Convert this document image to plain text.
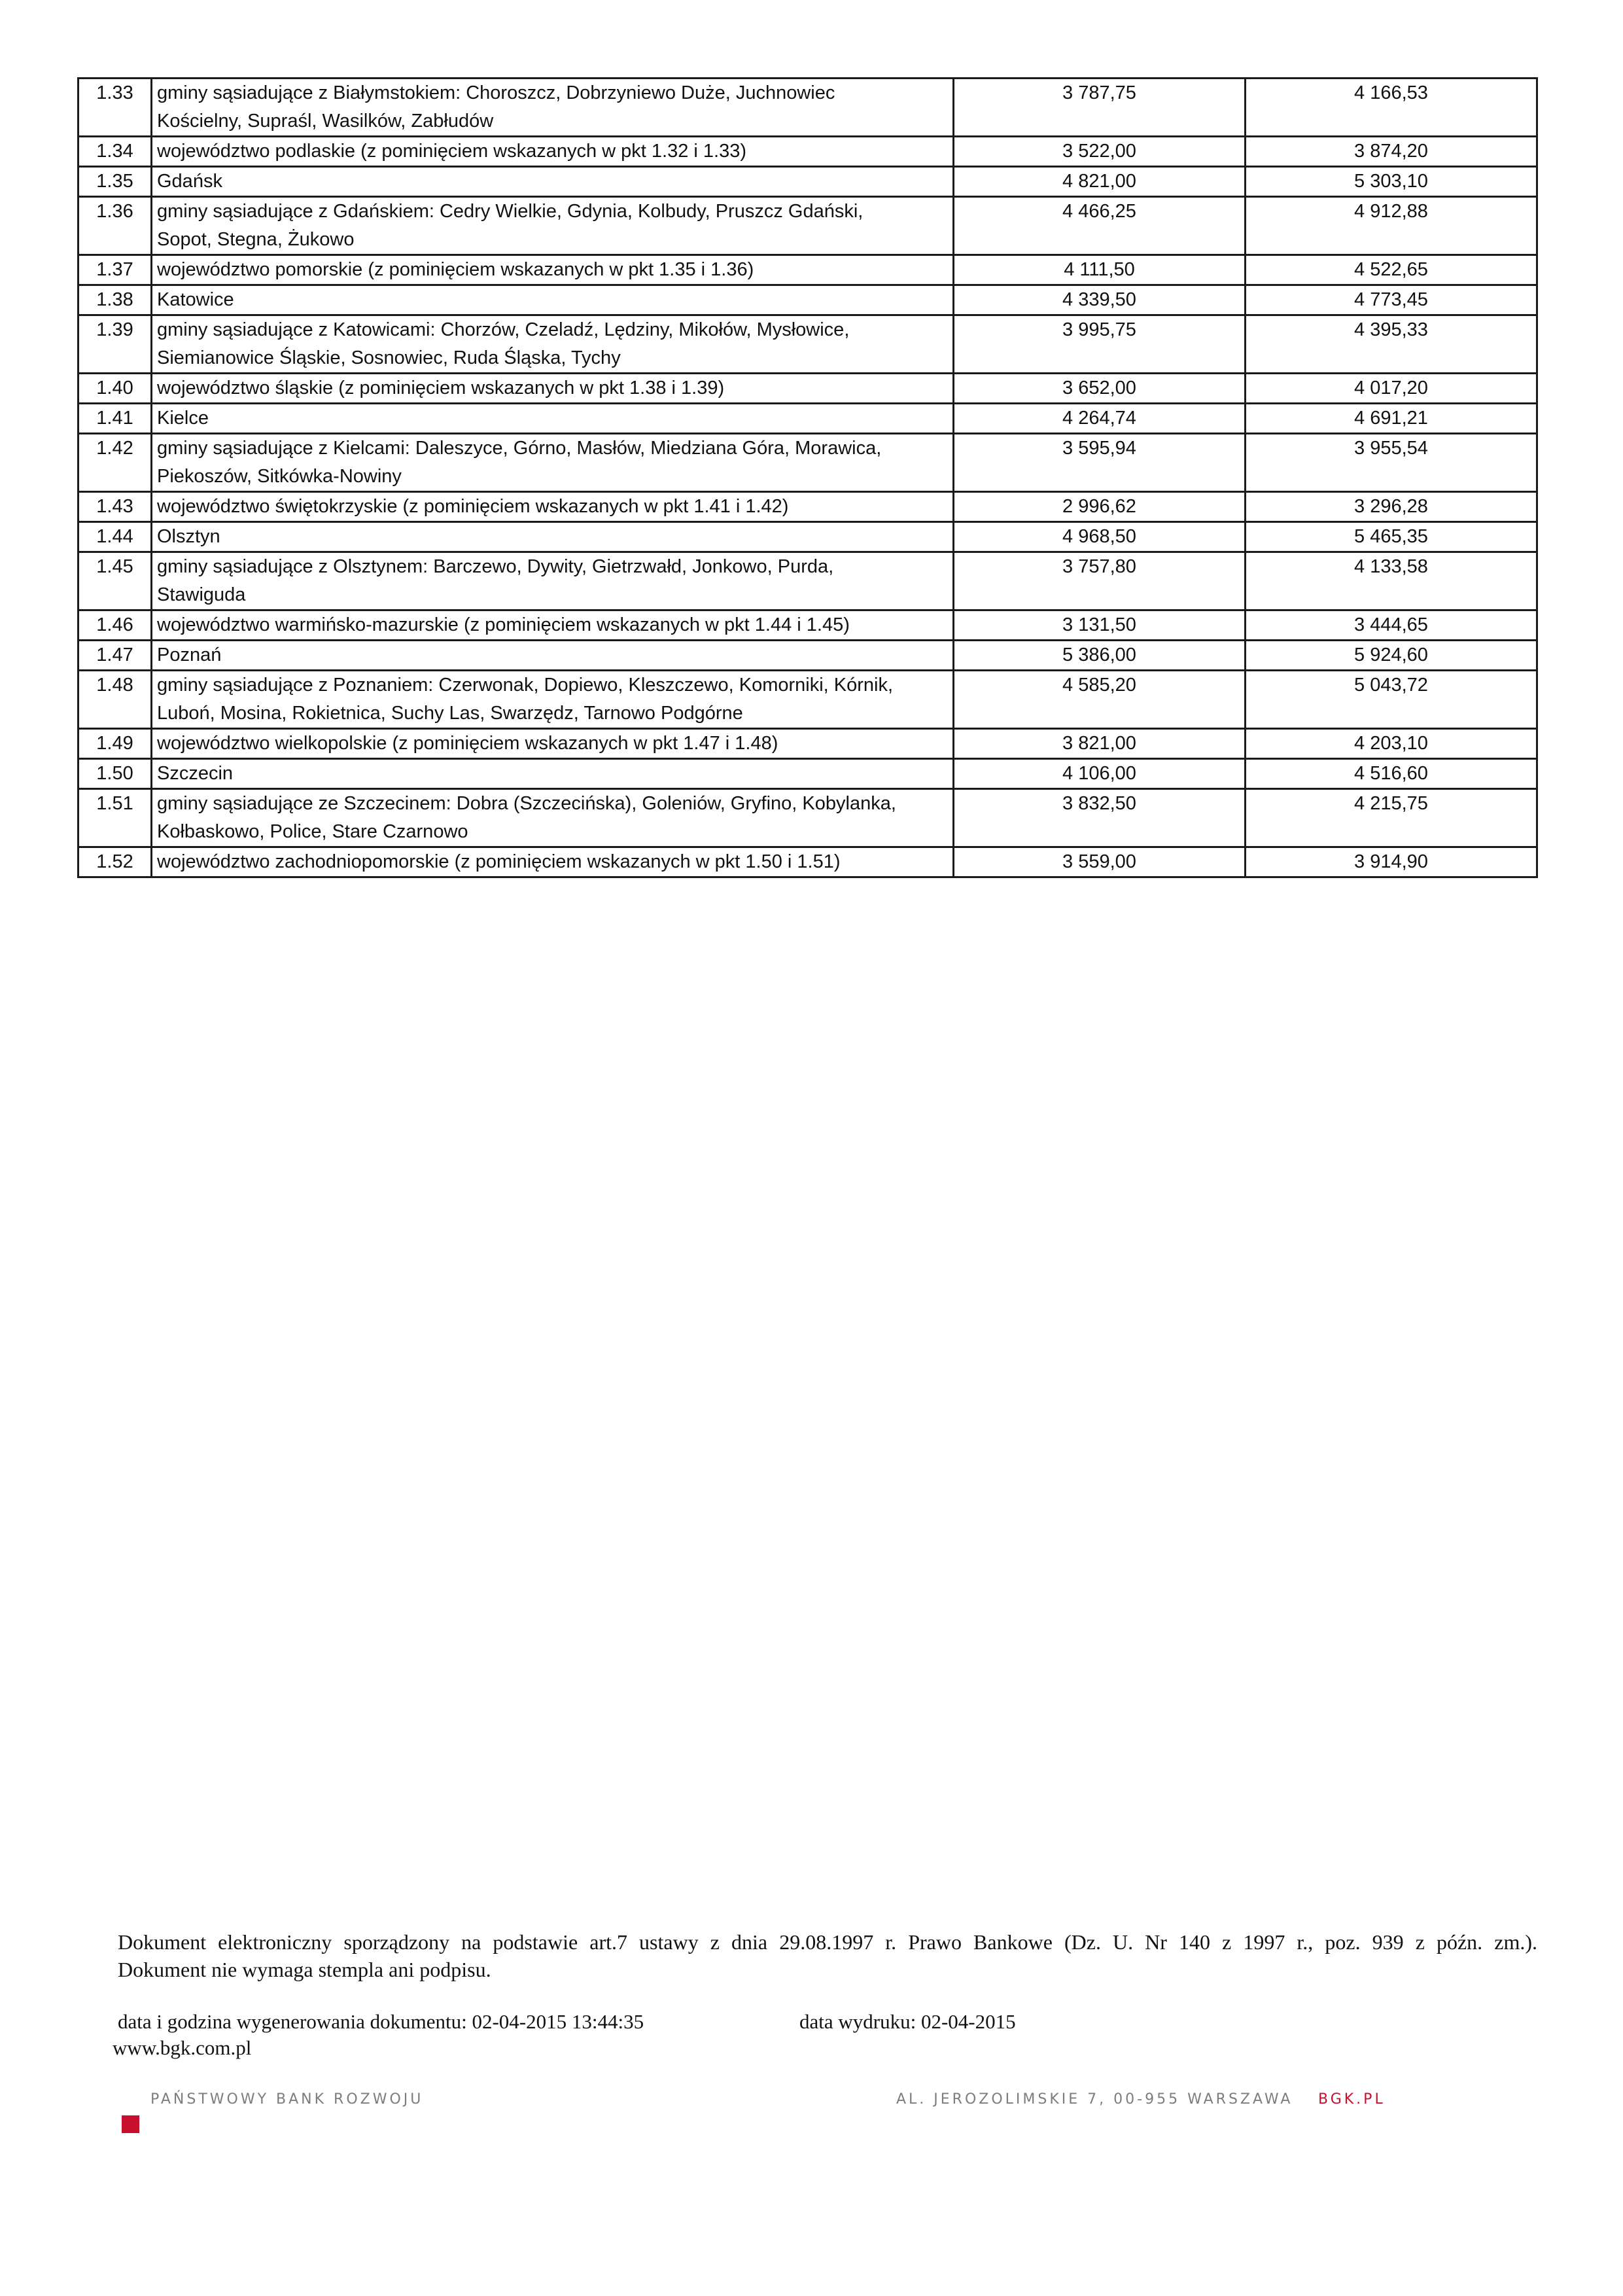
1.33	gminy sąsiadujące z Białymstokiem: Choroszcz, Dobrzyniewo Duże, Juchnowiec
Kościelny, Supraśl, Wasilków, Zabłudów	3 787,75	4 166,53
1.34	województwo podlaskie (z pominięciem wskazanych w pkt 1.32 i 1.33)	3 522,00	3 874,20
1.35	Gdańsk	4 821,00	5 303,10
1.36	gminy sąsiadujące z Gdańskiem: Cedry Wielkie, Gdynia, Kolbudy, Pruszcz Gdański,
Sopot, Stegna, Żukowo	4 466,25	4 912,88
1.37	województwo pomorskie (z pominięciem wskazanych w pkt 1.35 i 1.36)	4 111,50	4 522,65
1.38	Katowice	4 339,50	4 773,45
1.39	gminy sąsiadujące z Katowicami: Chorzów, Czeladź, Lędziny, Mikołów, Mysłowice,
Siemianowice Śląskie, Sosnowiec, Ruda Śląska, Tychy	3 995,75	4 395,33
1.40	województwo śląskie (z pominięciem wskazanych w pkt 1.38 i 1.39)	3 652,00	4 017,20
1.41	Kielce	4 264,74	4 691,21
1.42	gminy sąsiadujące z Kielcami: Daleszyce, Górno, Masłów, Miedziana Góra, Morawica,
Piekoszów, Sitkówka-Nowiny	3 595,94	3 955,54
1.43	województwo świętokrzyskie (z pominięciem wskazanych w pkt 1.41 i 1.42)	2 996,62	3 296,28
1.44	Olsztyn	4 968,50	5 465,35
1.45	gminy sąsiadujące z Olsztynem: Barczewo, Dywity, Gietrzwałd, Jonkowo, Purda,
Stawiguda	3 757,80	4 133,58
1.46	województwo warmińsko-mazurskie (z pominięciem wskazanych w pkt 1.44 i 1.45)	3 131,50	3 444,65
1.47	Poznań	5 386,00	5 924,60
1.48	gminy sąsiadujące z Poznaniem: Czerwonak, Dopiewo, Kleszczewo, Komorniki, Kórnik,
Luboń, Mosina, Rokietnica, Suchy Las, Swarzędz, Tarnowo Podgórne	4 585,20	5 043,72
1.49	województwo wielkopolskie (z pominięciem wskazanych w pkt 1.47 i 1.48)	3 821,00	4 203,10
1.50	Szczecin	4 106,00	4 516,60
1.51	gminy sąsiadujące ze Szczecinem: Dobra (Szczecińska), Goleniów, Gryfino, Kobylanka,
Kołbaskowo, Police, Stare Czarnowo	3 832,50	4 215,75
1.52	województwo zachodniopomorskie (z pominięciem wskazanych w pkt 1.50 i 1.51)	3 559,00	3 914,90

Dokument elektroniczny sporządzony na podstawie art.7 ustawy z dnia 29.08.1997 r. Prawo Bankowe (Dz. U. Nr 140 z 1997 r., poz. 939 z późn. zm.).

Dokument nie wymaga stempla ani podpisu.

data i godzina wygenerowania dokumentu: 02-04-2015 13:44:35	data wydruku: 02-04-2015

www.bgk.com.pl

PAŃSTWOWY BANK ROZWOJU	AL. JEROZOLIMSKIE 7, 00-955 WARSZAWA BGK.PL
